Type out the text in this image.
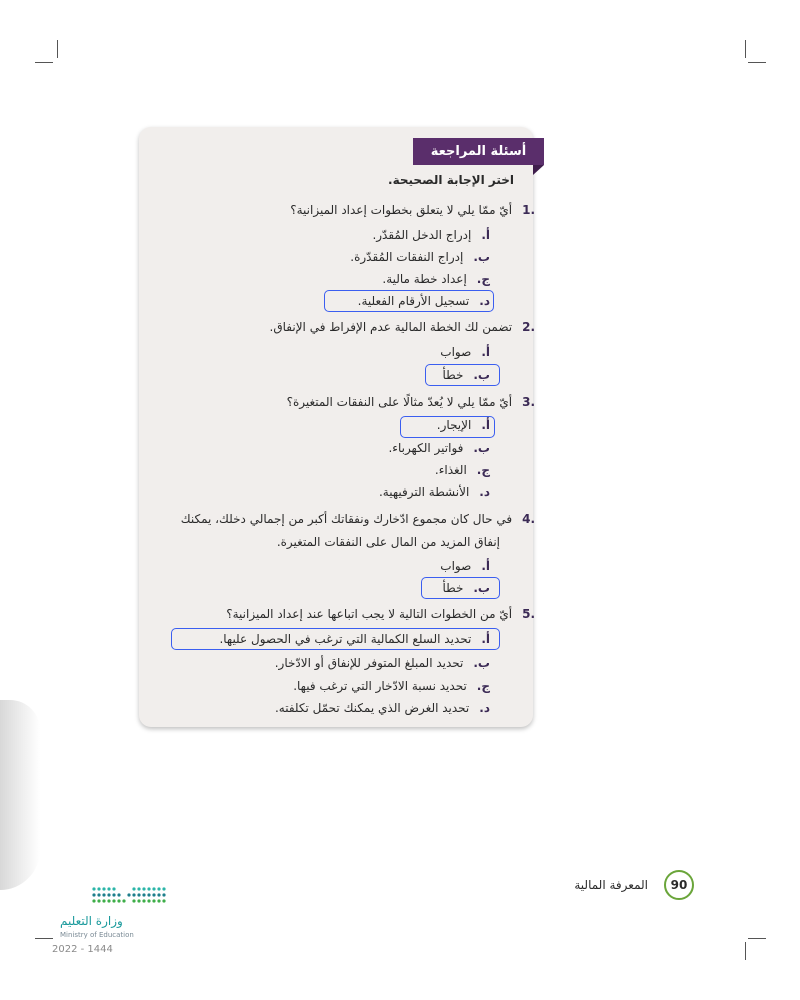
أسئلة المراجعة
اختر الإجابة الصحيحة.
.1أيّ ممّا يلي لا يتعلق بخطوات إعداد الميزانية؟
أ.إدراج الدخل المُقدّر.
ب.إدراج النفقات المُقدّرة.
ج.إعداد خطة مالية.
د.تسجيل الأرقام الفعلية.
.2تضمن لك الخطة المالية عدم الإفراط في الإنفاق.
أ.صواب
ب.خطأ
.3أيّ ممّا يلي لا يُعدّ مثالًا على النفقات المتغيرة؟
أ.الإيجار.
ب.فواتير الكهرباء.
ج.الغذاء.
د.الأنشطة الترفيهية.
.4في حال كان مجموع ادّخارك ونفقاتك أكبر من إجمالي دخلك، يمكنك
إنفاق المزيد من المال على النفقات المتغيرة.
أ.صواب
ب.خطأ
.5أيّ من الخطوات التالية لا يجب اتباعها عند إعداد الميزانية؟
أ.تحديد السلع الكمالية التي ترغب في الحصول عليها.
ب.تحديد المبلغ المتوفر للإنفاق أو الادّخار.
ج.تحديد نسبة الادّخار التي ترغب فيها.
د.تحديد الغرض الذي يمكنك تحمّل تكلفته.
المعرفة المالية	90
وزارة التعليم
Ministry of Education
2022 - 1444
